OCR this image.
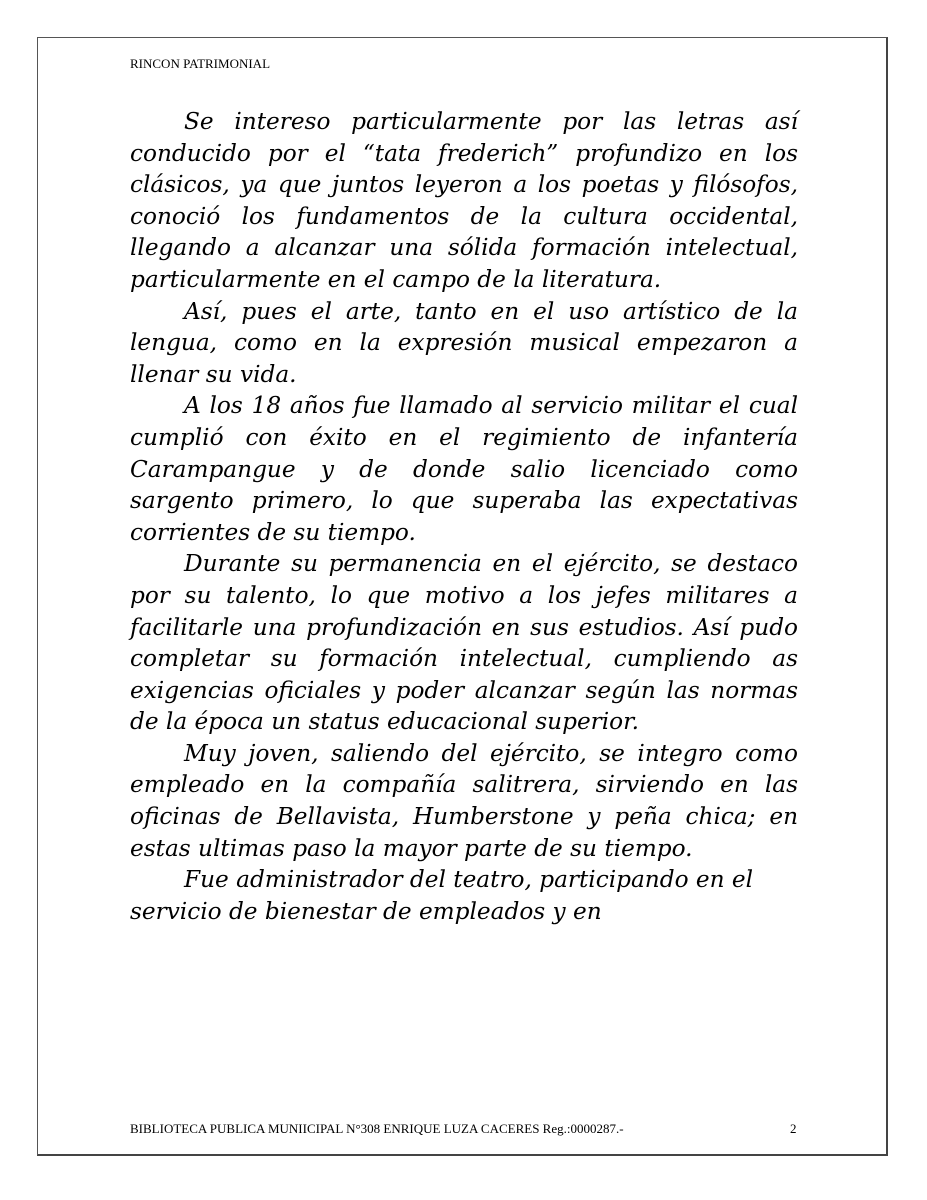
RINCON PATRIMONIAL

Se intereso particularmente por las letras así conducido por el “tata frederich” profundizo en los clásicos, ya que juntos leyeron a los poetas y filósofos, conoció los fundamentos de la cultura occidental, llegando a alcanzar una sólida formación intelectual, particularmente en el campo de la literatura.

Así, pues el arte, tanto en el uso artístico de la lengua, como en la expresión musical empezaron a llenar su vida.

A los 18 años fue llamado al servicio militar el cual cumplió con éxito en el regimiento de infantería Carampangue y de donde salio licenciado como sargento primero, lo que superaba las expectativas corrientes de su tiempo.

Durante su permanencia en el ejército, se destaco por su talento, lo que motivo a los jefes militares a facilitarle una profundización en sus estudios. Así pudo completar su formación intelectual, cumpliendo as exigencias oficiales y poder alcanzar según las normas de la época un status educacional superior.

Muy joven, saliendo del ejército, se integro como empleado en la compañía salitrera, sirviendo en las oficinas de Bellavista, Humberstone y peña chica; en estas ultimas paso la mayor parte de su tiempo.

Fue administrador del teatro, participando en el servicio de bienestar de empleados y en

BIBLIOTECA PUBLICA MUNIICIPAL N°308 ENRIQUE LUZA CACERES Reg.:0000287.-	2
